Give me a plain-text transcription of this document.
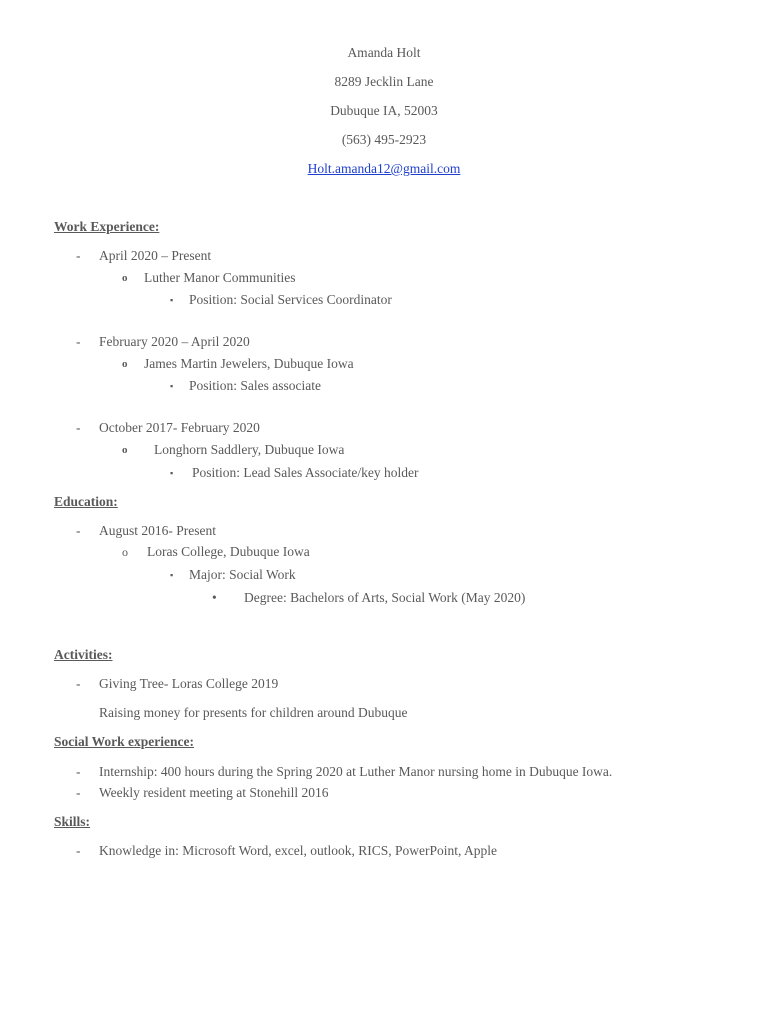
Amanda Holt
8289 Jecklin Lane
Dubuque IA, 52003
(563) 495-2923
Holt.amanda12@gmail.com
Work Experience:
- April 2020 – Present
o Luther Manor Communities
▪ Position: Social Services Coordinator
- February 2020 – April 2020
o James Martin Jewelers, Dubuque Iowa
▪ Position: Sales associate
- October 2017- February 2020
o Longhorn Saddlery, Dubuque Iowa
▪ Position: Lead Sales Associate/key holder
Education:
- August 2016- Present
o Loras College, Dubuque Iowa
▪ Major: Social Work
• Degree: Bachelors of Arts, Social Work (May 2020)
Activities:
- Giving Tree- Loras College 2019
Raising money for presents for children around Dubuque
Social Work experience:
- Internship: 400 hours during the Spring 2020 at Luther Manor nursing home in Dubuque Iowa.
- Weekly resident meeting at Stonehill 2016
Skills:
- Knowledge in: Microsoft Word, excel, outlook, RICS, PowerPoint, Apple
